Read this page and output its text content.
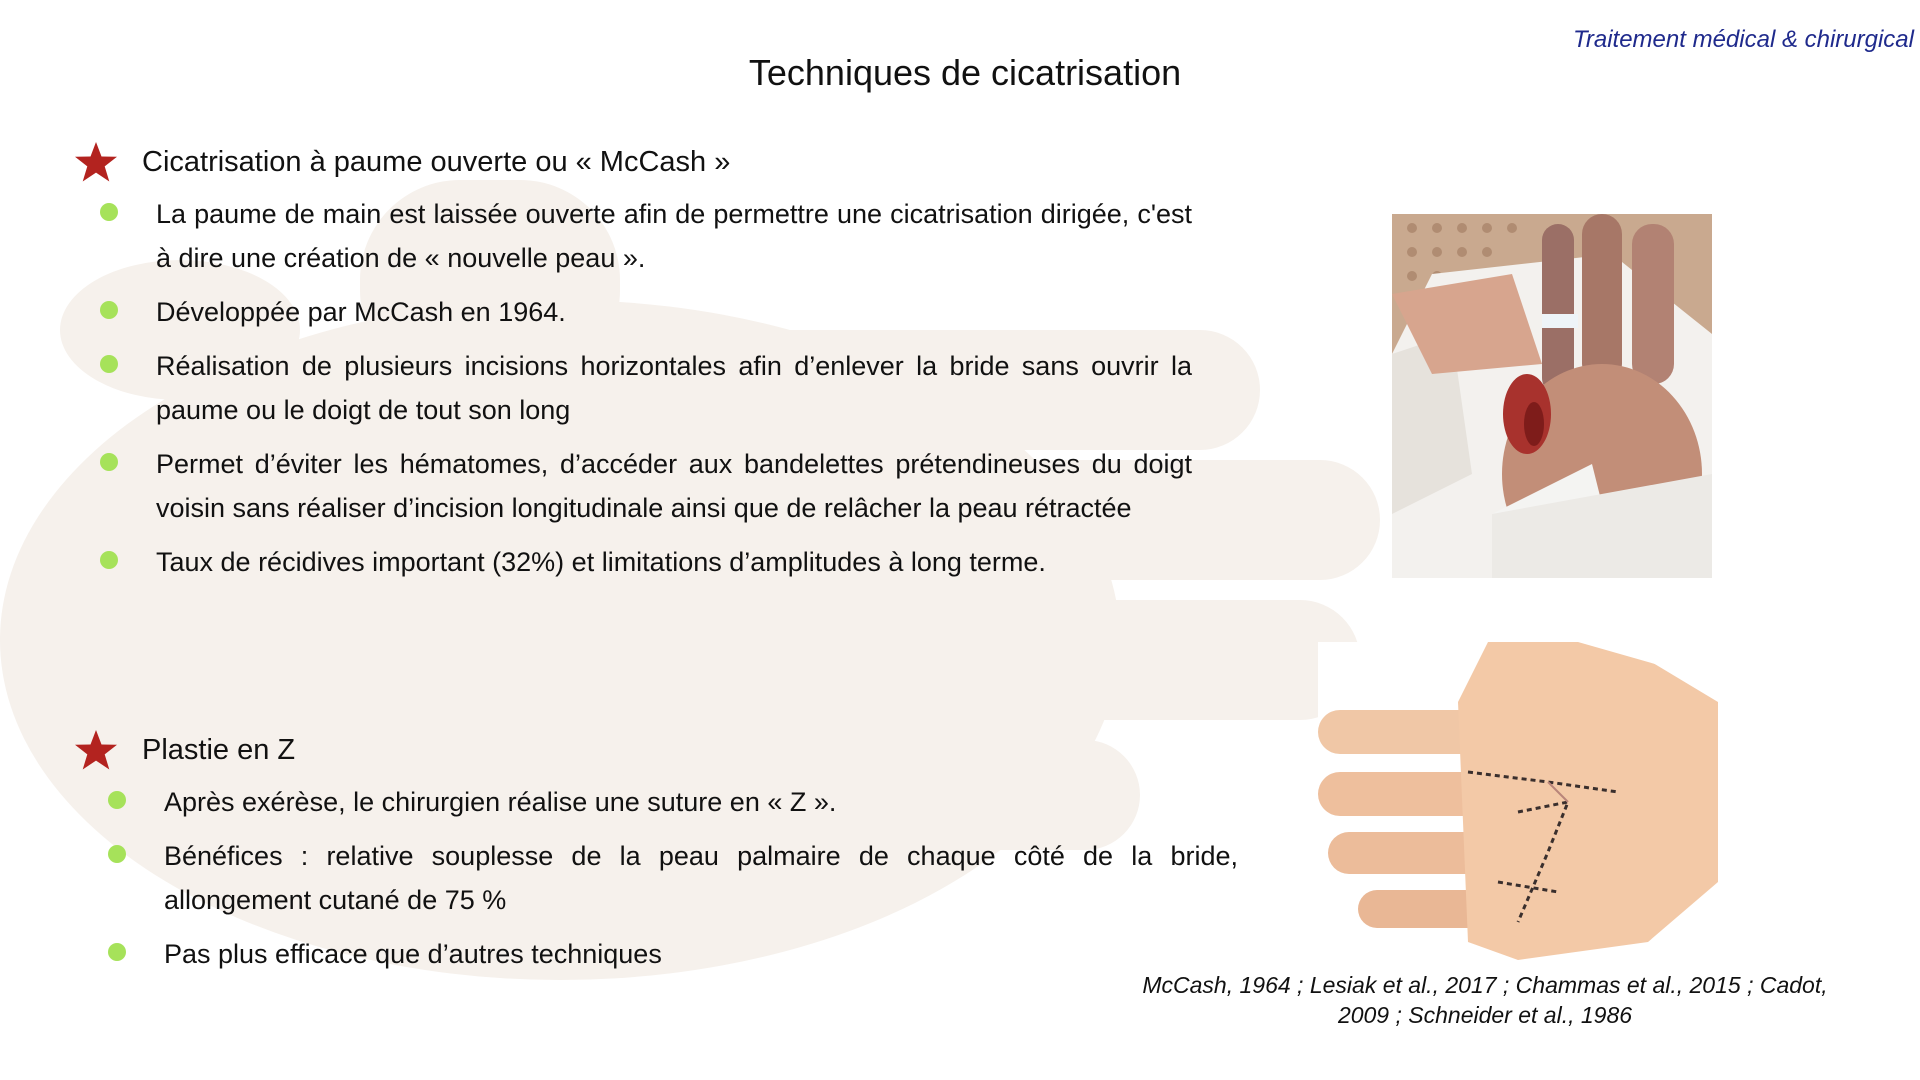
Traitement médical & chirurgical
Techniques de cicatrisation
Cicatrisation à paume ouverte ou « McCash »
La paume de main est laissée ouverte afin de permettre une cicatrisation dirigée, c'est à dire une création de « nouvelle peau ».
Développée par McCash en 1964.
Réalisation de plusieurs incisions horizontales afin d’enlever la bride sans ouvrir la paume ou le doigt de tout son long
Permet d’éviter les hématomes, d’accéder aux bandelettes prétendineuses du doigt voisin sans réaliser d’incision longitudinale ainsi que de relâcher la peau rétractée
Taux de récidives important (32%) et limitations d’amplitudes à long terme.
Plastie en Z
Après exérèse, le chirurgien réalise une suture en « Z ».
Bénéfices : relative souplesse de la peau palmaire de chaque côté de la bride, allongement cutané de 75 %
Pas plus efficace que d’autres techniques
McCash, 1964 ; Lesiak et al., 2017 ; Chammas et al., 2015 ; Cadot,
2009 ; Schneider et al., 1986
